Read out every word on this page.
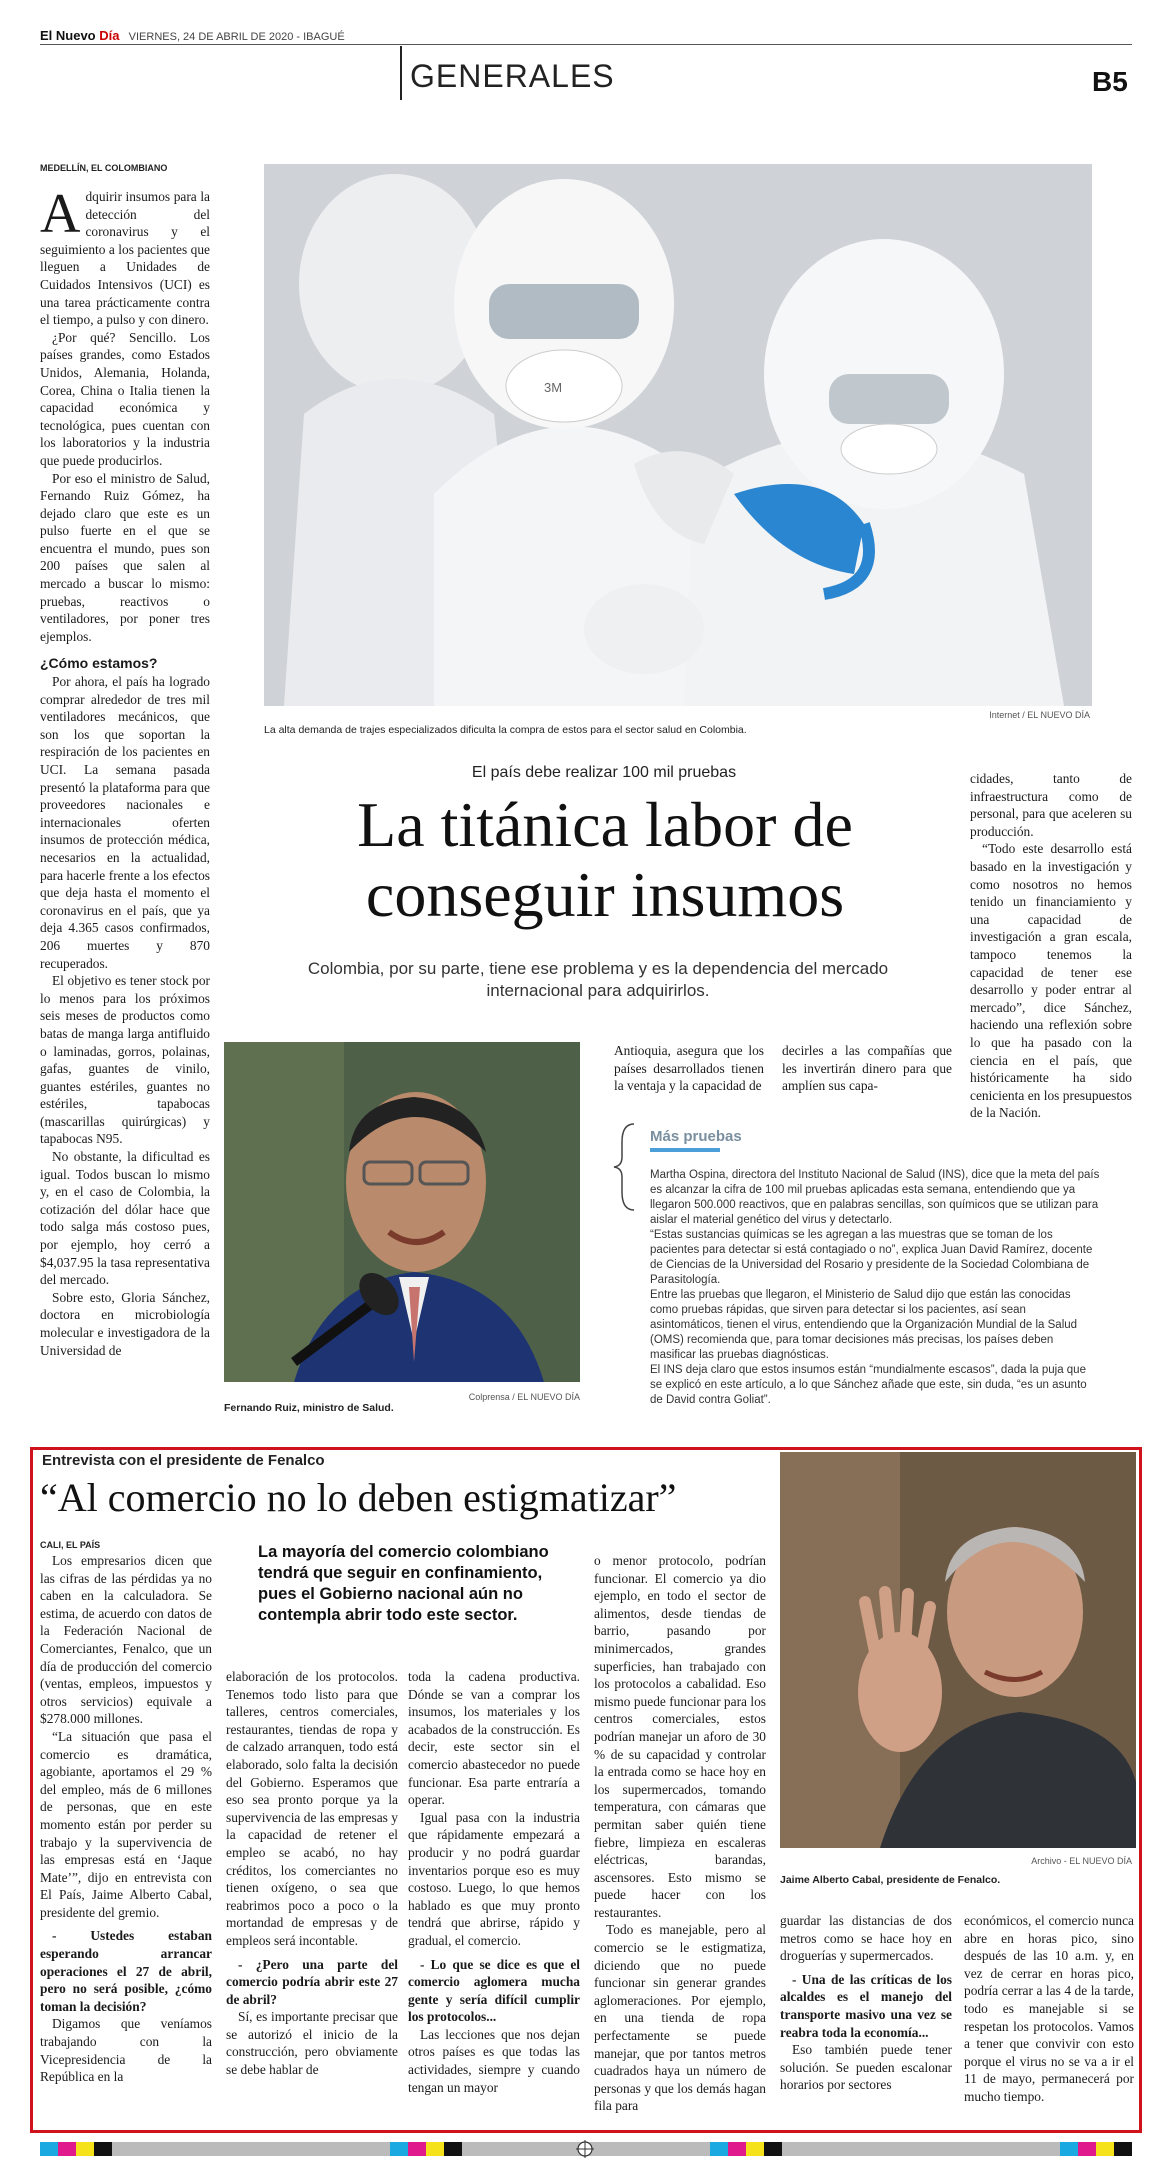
El Nuevo Día VIERNES, 24 DE ABRIL DE 2020 - IBAGUÉ
GENERALES	B5
MEDELLÍN, EL COLOMBIANO
A dquirir insumos para la detección del coronavirus y el seguimiento a los pacientes que lleguen a Unidades de Cuidados Intensivos (UCI) es una tarea prácticamente contra el tiempo, a pulso y con dinero.

¿Por qué? Sencillo. Los países grandes, como Estados Unidos, Alemania, Holanda, Corea, China o Italia tienen la capacidad económica y tecnológica, pues cuentan con los laboratorios y la industria que puede producirlos.

Por eso el ministro de Salud, Fernando Ruiz Gómez, ha dejado claro que este es un pulso fuerte en el que se encuentra el mundo, pues son 200 países que salen al mercado a buscar lo mismo: pruebas, reactivos o ventiladores, por poner tres ejemplos.

¿Cómo estamos?

Por ahora, el país ha logrado comprar alrededor de tres mil ventiladores mecánicos, que son los que soportan la respiración de los pacientes en UCI. La semana pasada presentó la plataforma para que proveedores nacionales e internacionales oferten insumos de protección médica, necesarios en la actualidad, para hacerle frente a los efectos que deja hasta el momento el coronavirus en el país, que ya deja 4.365 casos confirmados, 206 muertes y 870 recuperados.

El objetivo es tener stock por lo menos para los próximos seis meses de productos como batas de manga larga antifluido o laminadas, gorros, polainas, gafas, guantes de vinilo, guantes estériles, guantes no estériles, tapabocas (mascarillas quirúrgicas) y tapabocas N95.

No obstante, la dificultad es igual. Todos buscan lo mismo y, en el caso de Colombia, la cotización del dólar hace que todo salga más costoso pues, por ejemplo, hoy cerró a $4,037.95 la tasa representativa del mercado.

Sobre esto, Gloria Sánchez, doctora en microbiología molecular e investigadora de la Universidad de

3M
La alta demanda de trajes especializados dificulta la compra de estos para el sector salud en Colombia.
Internet / EL NUEVO DÍA
El país debe realizar 100 mil pruebas
La titánica labor de
conseguir insumos
Colombia, por su parte, tiene ese problema y es la dependencia del mercado internacional para adquirirlos.
cidades, tanto de infraestructura como de personal, para que aceleren su producción.

“Todo este desarrollo está basado en la investigación y como nosotros no hemos tenido un financiamiento y una capacidad de investigación a gran escala, tampoco tenemos la capacidad de tener ese desarrollo y poder entrar al mercado”, dice Sánchez, haciendo una reflexión sobre lo que ha pasado con la ciencia en el país, que históricamente ha sido cenicienta en los presupuestos de la Nación.

Fernando Ruiz, ministro de Salud.
Colprensa / EL NUEVO DÍA
Antioquia, asegura que los países desarrollados tienen la ventaja y la capacidad de
decirles a las compañías que les invertirán dinero para que amplíen sus capa-
Más pruebas
Martha Ospina, directora del Instituto Nacional de Salud (INS), dice que la meta del país es alcanzar la cifra de 100 mil pruebas aplicadas esta semana, entendiendo que ya llegaron 500.000 reactivos, que en palabras sencillas, son químicos que se utilizan para aislar el material genético del virus y detectarlo.
“Estas sustancias químicas se les agregan a las muestras que se toman de los pacientes para detectar si está contagiado o no”, explica Juan David Ramírez, docente de Ciencias de la Universidad del Rosario y presidente de la Sociedad Colombiana de Parasitología.
Entre las pruebas que llegaron, el Ministerio de Salud dijo que están las conocidas como pruebas rápidas, que sirven para detectar si los pacientes, así sean asintomáticos, tienen el virus, entendiendo que la Organización Mundial de la Salud (OMS) recomienda que, para tomar decisiones más precisas, los países deben masificar las pruebas diagnósticas.
El INS deja claro que estos insumos están “mundialmente escasos”, dada la puja que se explicó en este artículo, a lo que Sánchez añade que este, sin duda, “es un asunto de David contra Goliat”.
Entrevista con el presidente de Fenalco
“Al comercio no lo deben estigmatizar”
CALI, EL PAÍS	La mayoría del comercio colombiano tendrá que seguir en confinamiento, pues el Gobierno nacional aún no contempla abrir todo este sector.

Los empresarios dicen que las cifras de las pérdidas ya no caben en la calculadora. Se estima, de acuerdo con datos de la Federación Nacional de Comerciantes, Fenalco, que un día de producción del comercio (ventas, empleos, impuestos y otros servicios) equivale a $278.000 millones.

“La situación que pasa el comercio es dramática, agobiante, aportamos el 29 % del empleo, más de 6 millones de personas, que en este momento están por perder su trabajo y la supervivencia de las empresas está en ‘Jaque Mate’”, dijo en entrevista con El País, Jaime Alberto Cabal, presidente del gremio.

- Ustedes estaban esperando arrancar operaciones el 27 de abril, pero no será posible, ¿cómo toman la decisión?

Digamos que veníamos trabajando con la Vicepresidencia de la República en la

elaboración de los protocolos. Tenemos todo listo para que talleres, centros comerciales, restaurantes, tiendas de ropa y de calzado arranquen, todo está elaborado, solo falta la decisión del Gobierno. Esperamos que eso sea pronto porque ya la supervivencia de las empresas y la capacidad de retener el empleo se acabó, no hay créditos, los comerciantes no tienen oxígeno, o sea que reabrimos poco a poco o la mortandad de empresas y de empleos será incontable.

- ¿Pero una parte del comercio podría abrir este 27 de abril?

Sí, es importante precisar que se autorizó el inicio de la construcción, pero obviamente se debe hablar de

toda la cadena productiva. Dónde se van a comprar los insumos, los materiales y los acabados de la construcción. Es decir, este sector sin el comercio abastecedor no puede funcionar. Esa parte entraría a operar.

Igual pasa con la industria que rápidamente empezará a producir y no podrá guardar inventarios porque eso es muy costoso. Luego, lo que hemos hablado es que muy pronto tendrá que abrirse, rápido y gradual, el comercio.

- Lo que se dice es que el comercio aglomera mucha gente y sería difícil cumplir los protocolos...

Las lecciones que nos dejan otros países es que todas las actividades, siempre y cuando tengan un mayor

o menor protocolo, podrían funcionar. El comercio ya dio ejemplo, en todo el sector de alimentos, desde tiendas de barrio, pasando por minimercados, grandes superficies, han trabajado con los protocolos a cabalidad. Eso mismo puede funcionar para los centros comerciales, estos podrían manejar un aforo de 30 % de su capacidad y controlar la entrada como se hace hoy en los supermercados, tomando temperatura, con cámaras que permitan saber quién tiene fiebre, limpieza en escaleras eléctricas, barandas, ascensores. Esto mismo se puede hacer con los restaurantes.

Todo es manejable, pero al comercio se le estigmatiza, diciendo que no puede funcionar sin generar grandes aglomeraciones. Por ejemplo, en una tienda de ropa perfectamente se puede manejar, que por tantos metros cuadrados haya un número de personas y que los demás hagan fila para

guardar las distancias de dos metros como se hace hoy en droguerías y supermercados.

- Una de las críticas de los alcaldes es el manejo del transporte masivo una vez se reabra toda la economía...

Eso también puede tener solución. Se pueden escalonar horarios por sectores

económicos, el comercio nunca abre en horas pico, sino después de las 10 a.m. y, en vez de cerrar en horas pico, podría cerrar a las 4 de la tarde, todo es manejable si se respetan los protocolos. Vamos a tener que convivir con esto porque el virus no se va a ir el 11 de mayo, permanecerá por mucho tiempo.
Archivo - EL NUEVO DÍA
Jaime Alberto Cabal, presidente de Fenalco.
